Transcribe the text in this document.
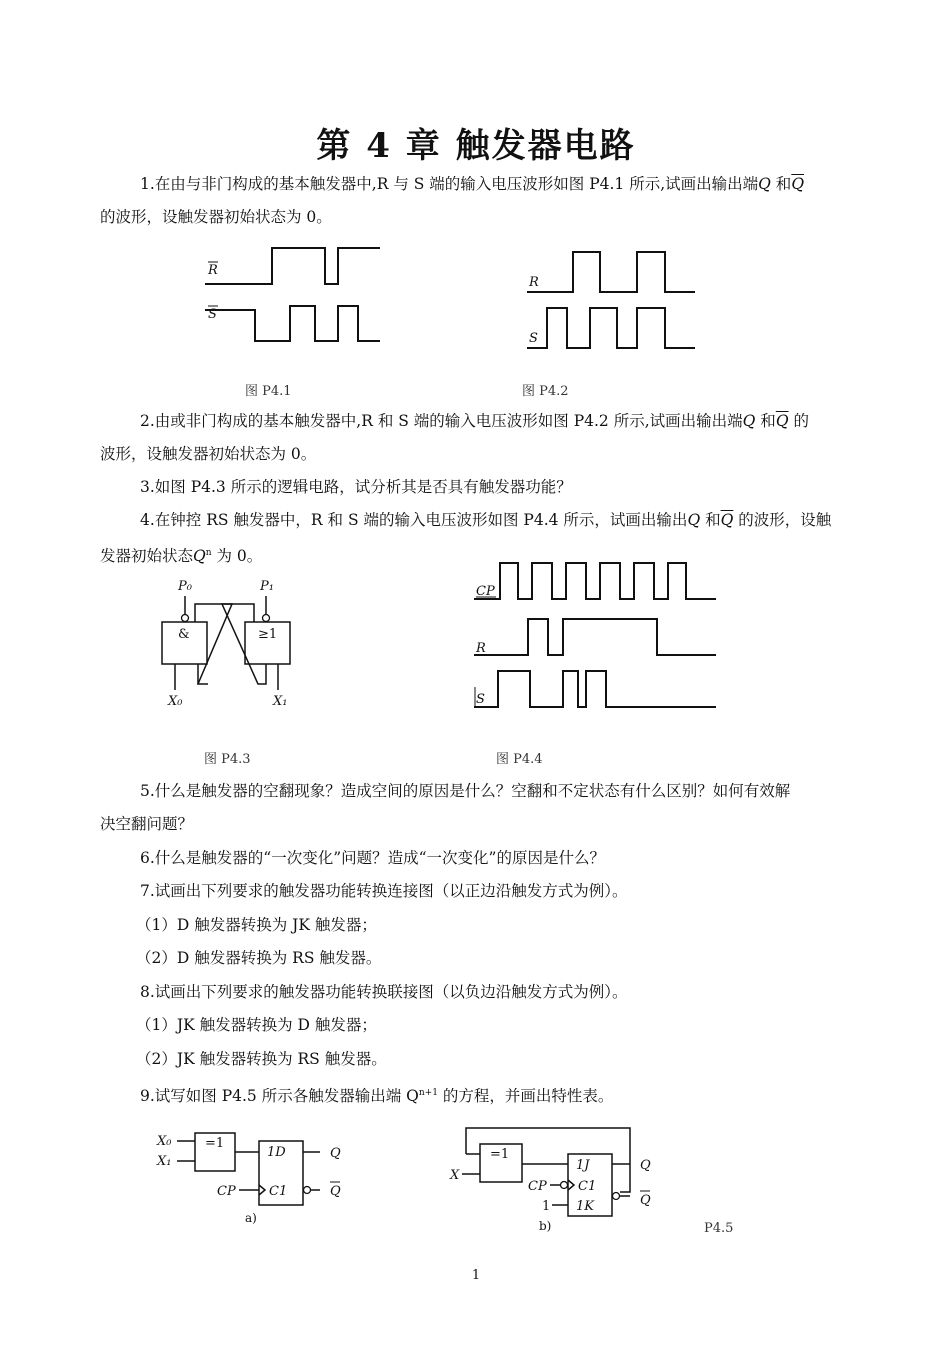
第 4 章 触发器电路

1.在由与非门构成的基本触发器中,R 与 S 端的输入电压波形如图 P4.1 所示,试画出输出端Q 和$\overline{Q}$
的波形，设触发器初始状态为 0。

R
S
图 P4.1
R
S
图 P4.2

2.由或非门构成的基本触发器中,R 和 S 端的输入电压波形如图 P4.2 所示,试画出输出端Q 和$\overline{Q}$ 的
波形，设触发器初始状态为 0。

3.如图 P4.3 所示的逻辑电路，试分析其是否具有触发器功能？

4.在钟控 RS 触发器中，R 和 S 端的输入电压波形如图 P4.4 所示，试画出输出Q 和$\overline{Q}$ 的波形，设触
发器初始状态$Q^n$ 为 0。

P₀	P₁
&	≥1
X₀	X₁
图 P4.3
CP
R
S
图 P4.4

5.什么是触发器的空翻现象？造成空间的原因是什么？空翻和不定状态有什么区别？如何有效解
决空翻问题？

6.什么是触发器的“一次变化”问题？造成“一次变化”的原因是什么？

7.试画出下列要求的触发器功能转换连接图（以正边沿触发方式为例）。

（1）D 触发器转换为 JK 触发器；

（2）D 触发器转换为 RS 触发器。

8.试画出下列要求的触发器功能转换联接图（以负边沿触发方式为例）。

（1）JK 触发器转换为 D 触发器；

（2）JK 触发器转换为 RS 触发器。

9.试写如图 P4.5 所示各触发器输出端 $Q^{n+1}$ 的方程，并画出特性表。

X₀
X₁
=1
1D
C1
CP
Q
Q
a)
X
=1
1J
C1
CP
1K
1
Q
Q
b)	P4.5
1
